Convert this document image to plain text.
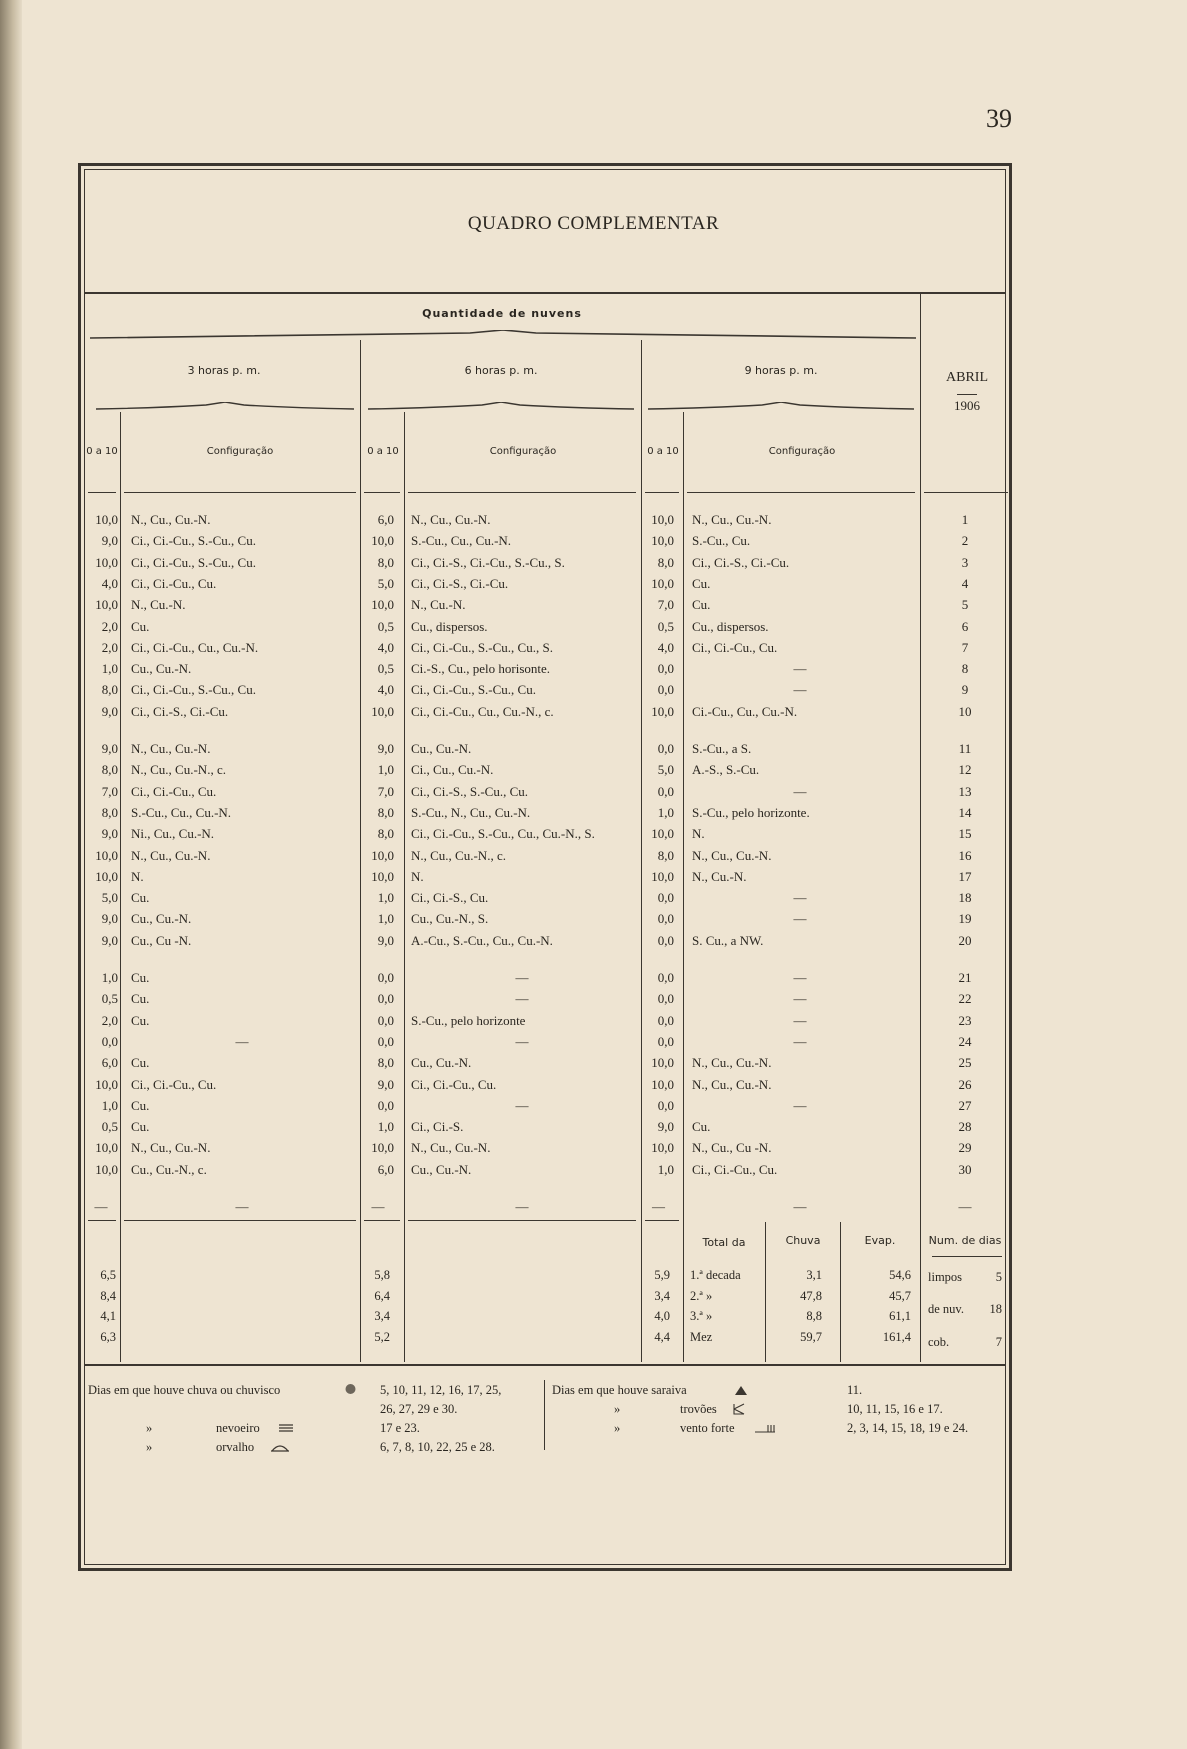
39
QUADRO COMPLEMENTAR
Quantidade de nuvens
3 horas p. m.	6 horas p. m.	9 horas p. m.	ABRIL
1906
0 a 10	Configuração	0 a 10	Configuração	0 a 10	Configuração
10,0 N., Cu., Cu.-N.	6,0 N., Cu., Cu.-N.	10,0 N., Cu., Cu.-N.	1
9,0 Ci., Ci.-Cu., S.-Cu., Cu.	10,0 S.-Cu., Cu., Cu.-N.	10,0 S.-Cu., Cu.	2
10,0 Ci., Ci.-Cu., S.-Cu., Cu.	8,0 Ci., Ci.-S., Ci.-Cu., S.-Cu., S.	8,0 Ci., Ci.-S., Ci.-Cu.	3
4,0 Ci., Ci.-Cu., Cu.	5,0 Ci., Ci.-S., Ci.-Cu.	10,0 Cu.	4
10,0 N., Cu.-N.	10,0 N., Cu.-N.	7,0 Cu.	5
2,0 Cu.	0,5 Cu., dispersos.	0,5 Cu., dispersos.	6
2,0 Ci., Ci.-Cu., Cu., Cu.-N.	4,0 Ci., Ci.-Cu., S.-Cu., Cu., S.	4,0 Ci., Ci.-Cu., Cu.	7
1,0 Cu., Cu.-N.	0,5 Ci.-S., Cu., pelo horisonte.	0,0	—	8
8,0 Ci., Ci.-Cu., S.-Cu., Cu.	4,0 Ci., Ci.-Cu., S.-Cu., Cu.	0,0	—	9
9,0 Ci., Ci.-S., Ci.-Cu.	10,0 Ci., Ci.-Cu., Cu., Cu.-N., c.	10,0 Ci.-Cu., Cu., Cu.-N.	10
9,0 N., Cu., Cu.-N.	9,0 Cu., Cu.-N.	0,0 S.-Cu., a S.	11
8,0 N., Cu., Cu.-N., c.	1,0 Ci., Cu., Cu.-N.	5,0 A.-S., S.-Cu.	12
7,0 Ci., Ci.-Cu., Cu.	7,0 Ci., Ci.-S., S.-Cu., Cu.	0,0	—	13
8,0 S.-Cu., Cu., Cu.-N.	8,0 S.-Cu., N., Cu., Cu.-N.	1,0 S.-Cu., pelo horizonte.	14
9,0 Ni., Cu., Cu.-N.	8,0 Ci., Ci.-Cu., S.-Cu., Cu., Cu.-N., S.	10,0 N.	15
10,0 N., Cu., Cu.-N.	10,0 N., Cu., Cu.-N., c.	8,0 N., Cu., Cu.-N.	16
10,0 N.	10,0 N.	10,0 N., Cu.-N.	17
5,0 Cu.	1,0 Ci., Ci.-S., Cu.	0,0	—	18
9,0 Cu., Cu.-N.	1,0 Cu., Cu.-N., S.	0,0	—	19
9,0 Cu., Cu -N.	9,0 A.-Cu., S.-Cu., Cu., Cu.-N.	0,0 S. Cu., a NW.	20
1,0 Cu.	0,0	—	0,0	—	21
0,5 Cu.	0,0	—	0,0	—	22
2,0 Cu.	0,0 S.-Cu., pelo horizonte	0,0	—	23
0,0	—	0,0	—	0,0	—	24
6,0 Cu.	8,0 Cu., Cu.-N.	10,0 N., Cu., Cu.-N.	25
10,0 Ci., Ci.-Cu., Cu.	9,0 Ci., Ci.-Cu., Cu.	10,0 N., Cu., Cu.-N.	26
1,0 Cu.	0,0	—	0,0	—	27
0,5 Cu.	1,0 Ci., Ci.-S.	9,0 Cu.	28
10,0 N., Cu., Cu.-N.	10,0 N., Cu., Cu.-N.	10,0 N., Cu., Cu -N.	29
10,0 Cu., Cu.-N., c.	6,0 Cu., Cu.-N.	1,0 Ci., Ci.-Cu., Cu.	30
—	—	—	—	—	—	—
Total da	Chuva	Evap.	Num. de dias
6,5	5,8	5,9 1.ª decada	3,1	54,6
8,4	6,4	3,4 2.ª »	47,8	45,7
4,1	3,4	4,0 3.ª »	8,8	61,1
6,3	5,2	4,4 Mez	59,7	161,4
limpos	5
de nuv.	18
cob.	7
Dias em que houve chuva ou chuvisco	5, 10, 11, 12, 16, 17, 25,
26, 27, 29 e 30.
»	nevoeiro	17 e 23.
»	orvalho	6, 7, 8, 10, 22, 25 e 28.
Dias em que houve saraiva	11.
»	trovões	10, 11, 15, 16 e 17.
»	vento forte	2, 3, 14, 15, 18, 19 e 24.
